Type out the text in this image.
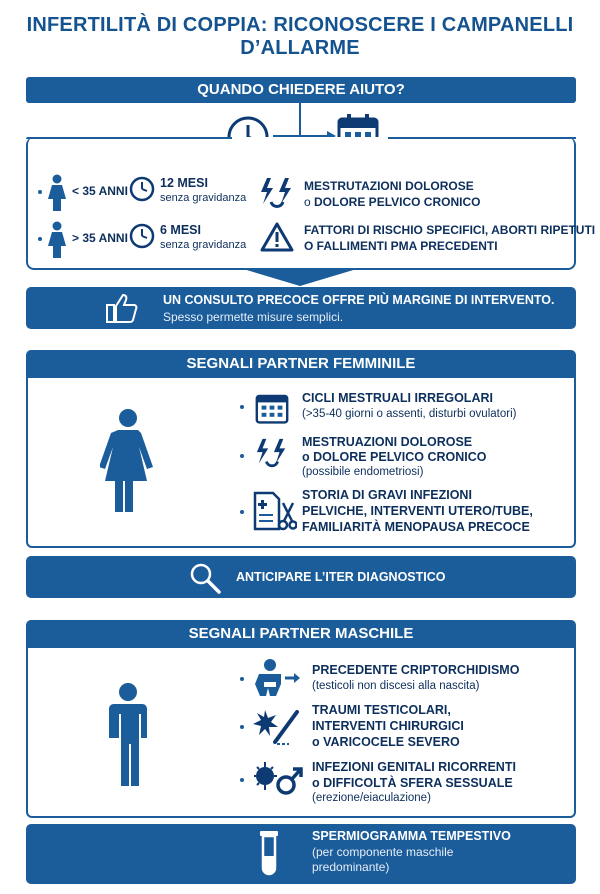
INFERTILITÀ DI COPPIA: RICONOSCERE I CAMPANELLI D’ALLARME
QUANDO CHIEDERE AIUTO?
< 35 ANNI
12 MESI
senza gravidanza
> 35 ANNI
6 MESI
senza gravidanza
MESTRUTAZIONI DOLOROSE
o DOLORE PELVICO CRONICO
FATTORI DI RISCHIO SPECIFICI, ABORTI RIPETUTI
O FALLIMENTI PMA PRECEDENTI
UN CONSULTO PRECOCE OFFRE PIÙ MARGINE DI INTERVENTO.
Spesso permette misure semplici.
SEGNALI PARTNER FEMMINILE
CICLI MESTRUALI IRREGOLARI
(>35-40 giorni o assenti, disturbi ovulatori)
MESTRUAZIONI DOLOROSE
o DOLORE PELVICO CRONICO
(possibile endometriosi)
STORIA DI GRAVI INFEZIONI
PELVICHE, INTERVENTI UTERO/TUBE,
FAMILIARITÀ MENOPAUSA PRECOCE
ANTICIPARE L’ITER DIAGNOSTICO
SEGNALI PARTNER MASCHILE
PRECEDENTE CRIPTORCHIDISMO
(testicoli non discesi alla nascita)
TRAUMI TESTICOLARI,
INTERVENTI CHIRURGICI
o VARICOCELE SEVERO
INFEZIONI GENITALI RICORRENTI
o DIFFICOLTÀ SFERA SESSUALE
(erezione/eiaculazione)
SPERMIOGRAMMA TEMPESTIVO
(per componente maschile
predominante)
